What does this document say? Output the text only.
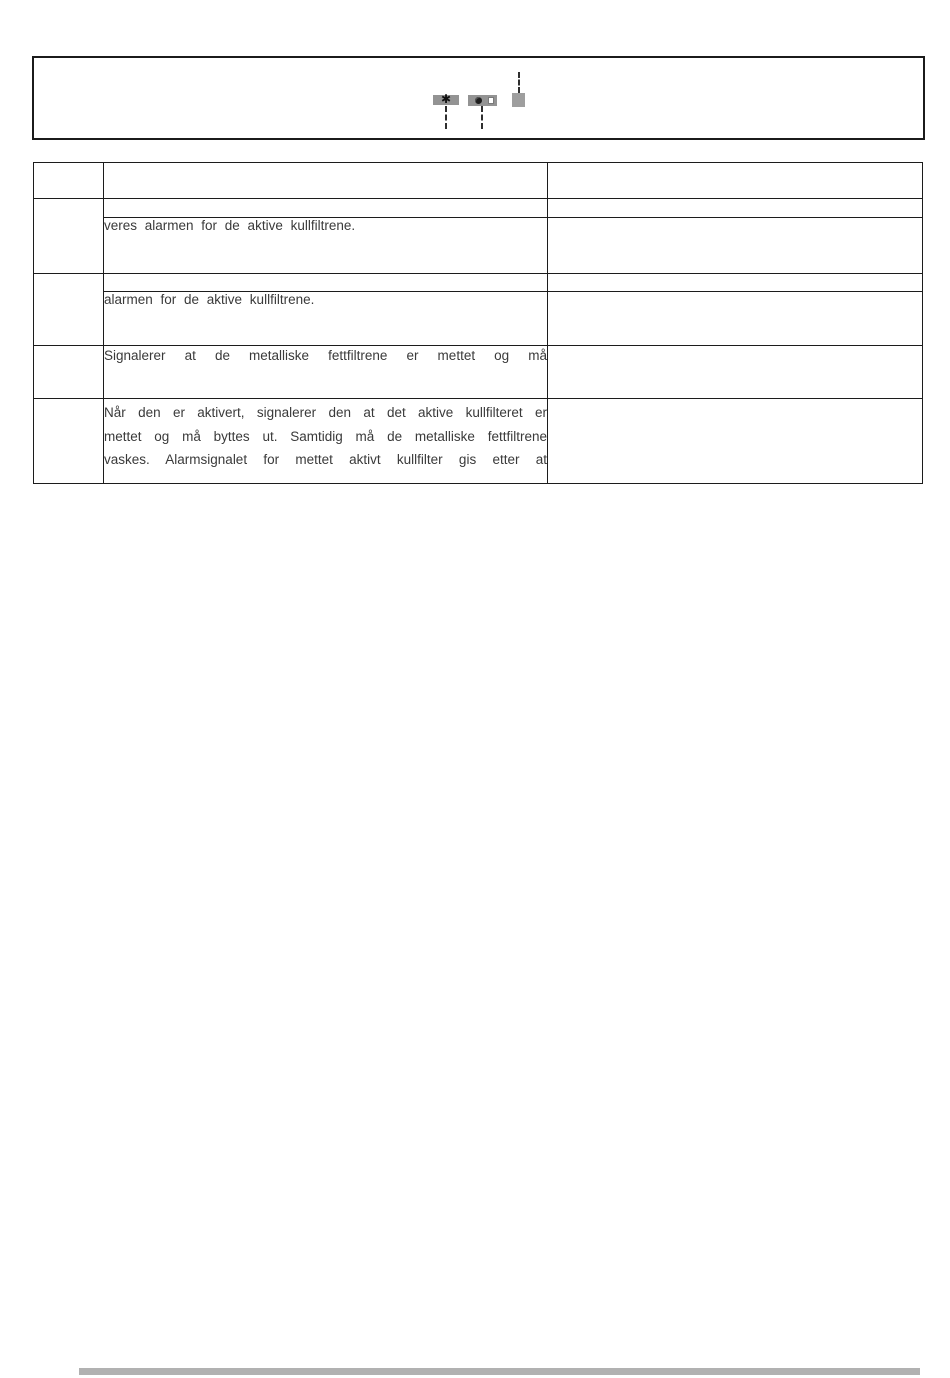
✱

	veres alarmen for de aktive kullfiltrene.	

	alarmen for de aktive kullfiltrene.	

	Signalerer at de metalliske fettfiltrene er mettet og må	

	Når den er aktivert, signalerer den at det aktive kullfilteret er
mettet og må byttes ut. Samtidig må de metalliske fettfiltrene
vaskes. Alarmsignalet for mettet aktivt kullfilter gis etter at	
